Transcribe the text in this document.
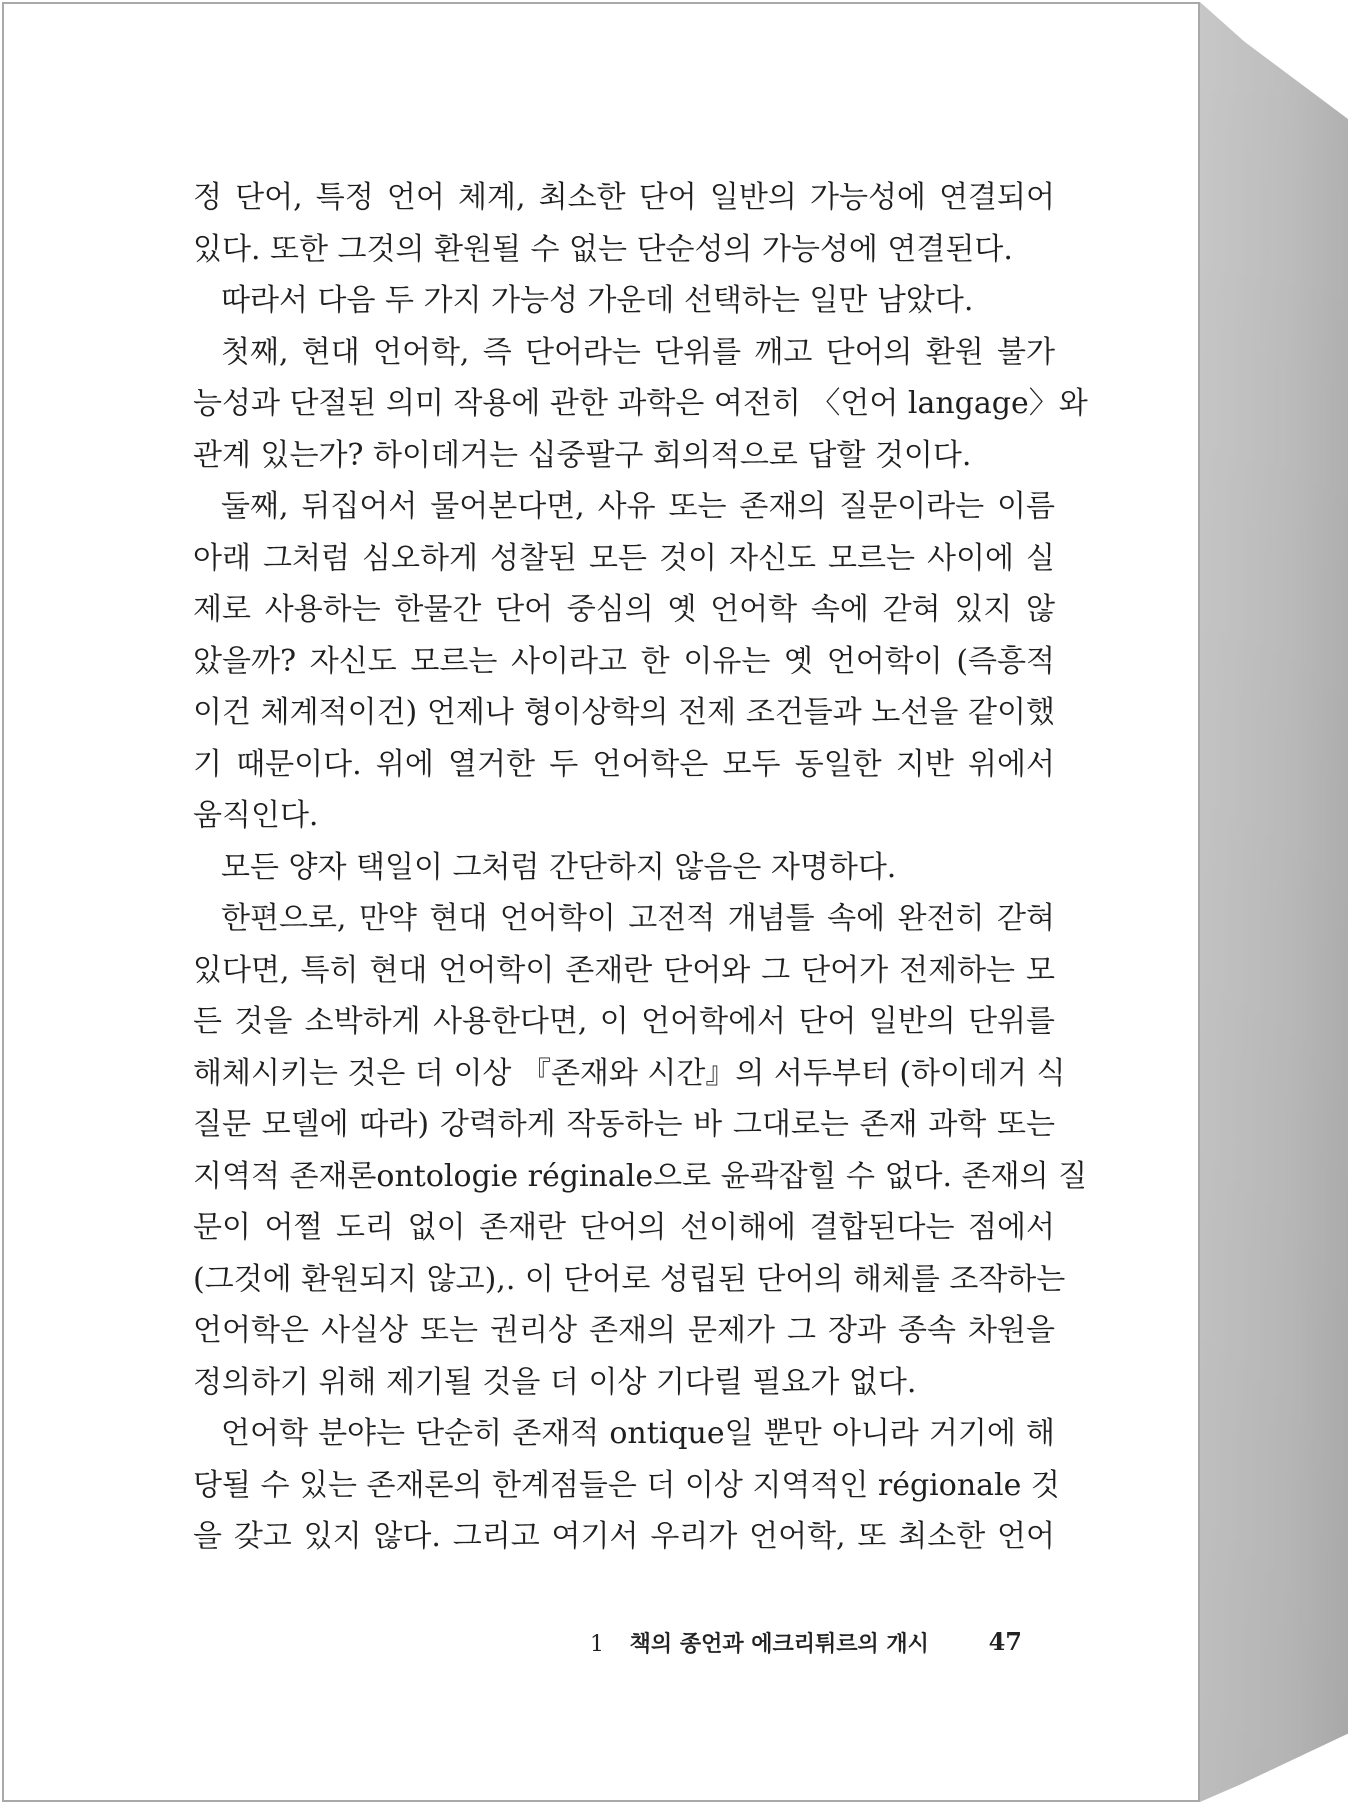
정 단어, 특정 언어 체계, 최소한 단어 일반의 가능성에 연결되어
있다. 또한 그것의 환원될 수 없는 단순성의 가능성에 연결된다.
따라서 다음 두 가지 가능성 가운데 선택하는 일만 남았다.
첫째, 현대 언어학, 즉 단어라는 단위를 깨고 단어의 환원 불가
능성과 단절된 의미 작용에 관한 과학은 여전히 〈언어 langage〉와
관계 있는가? 하이데거는 십중팔구 회의적으로 답할 것이다.
둘째, 뒤집어서 물어본다면, 사유 또는 존재의 질문이라는 이름
아래 그처럼 심오하게 성찰된 모든 것이 자신도 모르는 사이에 실
제로 사용하는 한물간 단어 중심의 옛 언어학 속에 갇혀 있지 않
았을까? 자신도 모르는 사이라고 한 이유는 옛 언어학이 (즉흥적
이건 체계적이건) 언제나 형이상학의 전제 조건들과 노선을 같이했
기 때문이다. 위에 열거한 두 언어학은 모두 동일한 지반 위에서
움직인다.
모든 양자 택일이 그처럼 간단하지 않음은 자명하다.
한편으로, 만약 현대 언어학이 고전적 개념틀 속에 완전히 갇혀
있다면, 특히 현대 언어학이 존재란 단어와 그 단어가 전제하는 모
든 것을 소박하게 사용한다면, 이 언어학에서 단어 일반의 단위를
해체시키는 것은 더 이상 『존재와 시간』의 서두부터 (하이데거 식
질문 모델에 따라) 강력하게 작동하는 바 그대로는 존재 과학 또는
지역적 존재론ontologie réginale으로 윤곽잡힐 수 없다. 존재의 질
문이 어쩔 도리 없이 존재란 단어의 선이해에 결합된다는 점에서
(그것에 환원되지 않고),. 이 단어로 성립된 단어의 해체를 조작하는
언어학은 사실상 또는 권리상 존재의 문제가 그 장과 종속 차원을
정의하기 위해 제기될 것을 더 이상 기다릴 필요가 없다.
언어학 분야는 단순히 존재적 ontique일 뿐만 아니라 거기에 해
당될 수 있는 존재론의 한계점들은 더 이상 지역적인 régionale 것
을 갖고 있지 않다. 그리고 여기서 우리가 언어학, 또 최소한 언어
1 책의 종언과 에크리튀르의 개시 47
